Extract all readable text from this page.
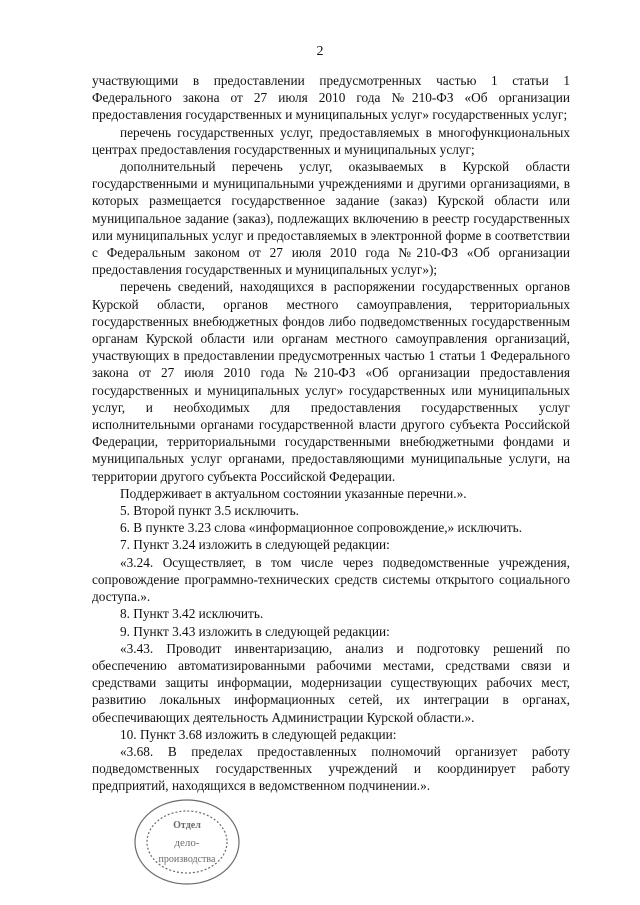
2

участвующими в предоставлении предусмотренных частью 1 статьи 1 Федерального закона от 27 июля 2010 года №210-ФЗ «Об организации предоставления государственных и муниципальных услуг» государственных услуг;

перечень государственных услуг, предоставляемых в многофункциональных центрах предоставления государственных и муниципальных услуг;

дополнительный перечень услуг, оказываемых в Курской области государственными и муниципальными учреждениями и другими организациями, в которых размещается государственное задание (заказ) Курской области или муниципальное задание (заказ), подлежащих включению в реестр государственных или муниципальных услуг и предоставляемых в электронной форме в соответствии с Федеральным законом от 27 июля 2010 года №210-ФЗ «Об организации предоставления государственных и муниципальных услуг»);

перечень сведений, находящихся в распоряжении государственных органов Курской области, органов местного самоуправления, территориальных государственных внебюджетных фондов либо подведомственных государственным органам Курской области или органам местного самоуправления организаций, участвующих в предоставлении предусмотренных частью 1 статьи 1 Федерального закона от 27 июля 2010 года №210-ФЗ «Об организации предоставления государственных и муниципальных услуг» государственных или муниципальных услуг, и необходимых для предоставления государственных услуг исполнительными органами государственной власти другого субъекта Российской Федерации, территориальными государственными внебюджетными фондами и муниципальных услуг органами, предоставляющими муниципальные услуги, на территории другого субъекта Российской Федерации.

Поддерживает в актуальном состоянии указанные перечни.».

5. Второй пункт 3.5 исключить.

6. В пункте 3.23 слова «информационное сопровождение,» исключить.

7. Пункт 3.24 изложить в следующей редакции:

«3.24. Осуществляет, в том числе через подведомственные учреждения, сопровождение программно-технических средств системы открытого социального доступа.».

8. Пункт 3.42 исключить.

9. Пункт 3.43 изложить в следующей редакции:

«3.43. Проводит инвентаризацию, анализ и подготовку решений по обеспечению автоматизированными рабочими местами, средствами связи и средствами защиты информации, модернизации существующих рабочих мест, развитию локальных информационных сетей, их интеграции в органах, обеспечивающих деятельность Администрации Курской области.».

10. Пункт 3.68 изложить в следующей редакции:

«3.68. В пределах предоставленных полномочий организует работу подведомственных государственных учреждений и координирует работу предприятий, находящихся в ведомственном подчинении.».

Отдел
дело-
производства
